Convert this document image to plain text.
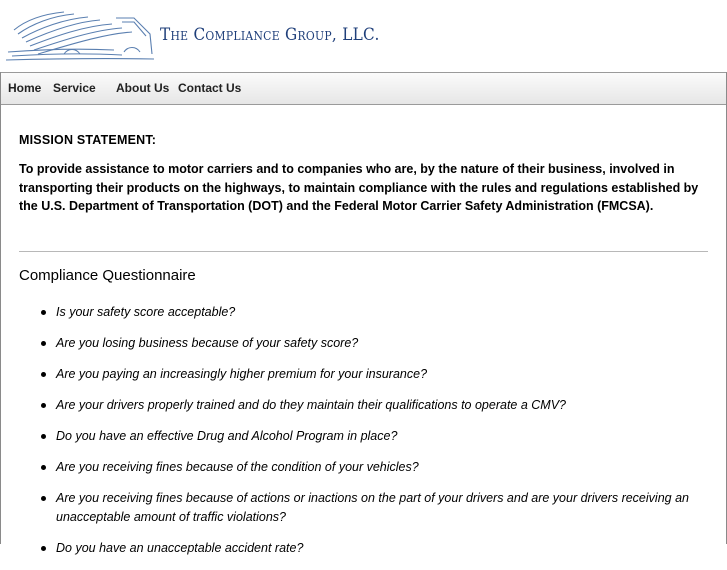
The Compliance Group, LLC.
Home Service About Us Contact Us

MISSION STATEMENT:

To provide assistance to motor carriers and to companies who are, by the nature of their business, involved in transporting their products on the highways, to maintain compliance with the rules and regulations established by the U.S. Department of Transportation (DOT) and the Federal Motor Carrier Safety Administration (FMCSA).

Compliance Questionnaire
Is your safety score acceptable?
Are you losing business because of your safety score?
Are you paying an increasingly higher premium for your insurance?
Are your drivers properly trained and do they maintain their qualifications to operate a CMV?
Do you have an effective Drug and Alcohol Program in place?
Are you receiving fines because of the condition of your vehicles?
Are you receiving fines because of actions or inactions on the part of your drivers and are your drivers receiving an unacceptable amount of traffic violations?
Do you have an unacceptable accident rate?
